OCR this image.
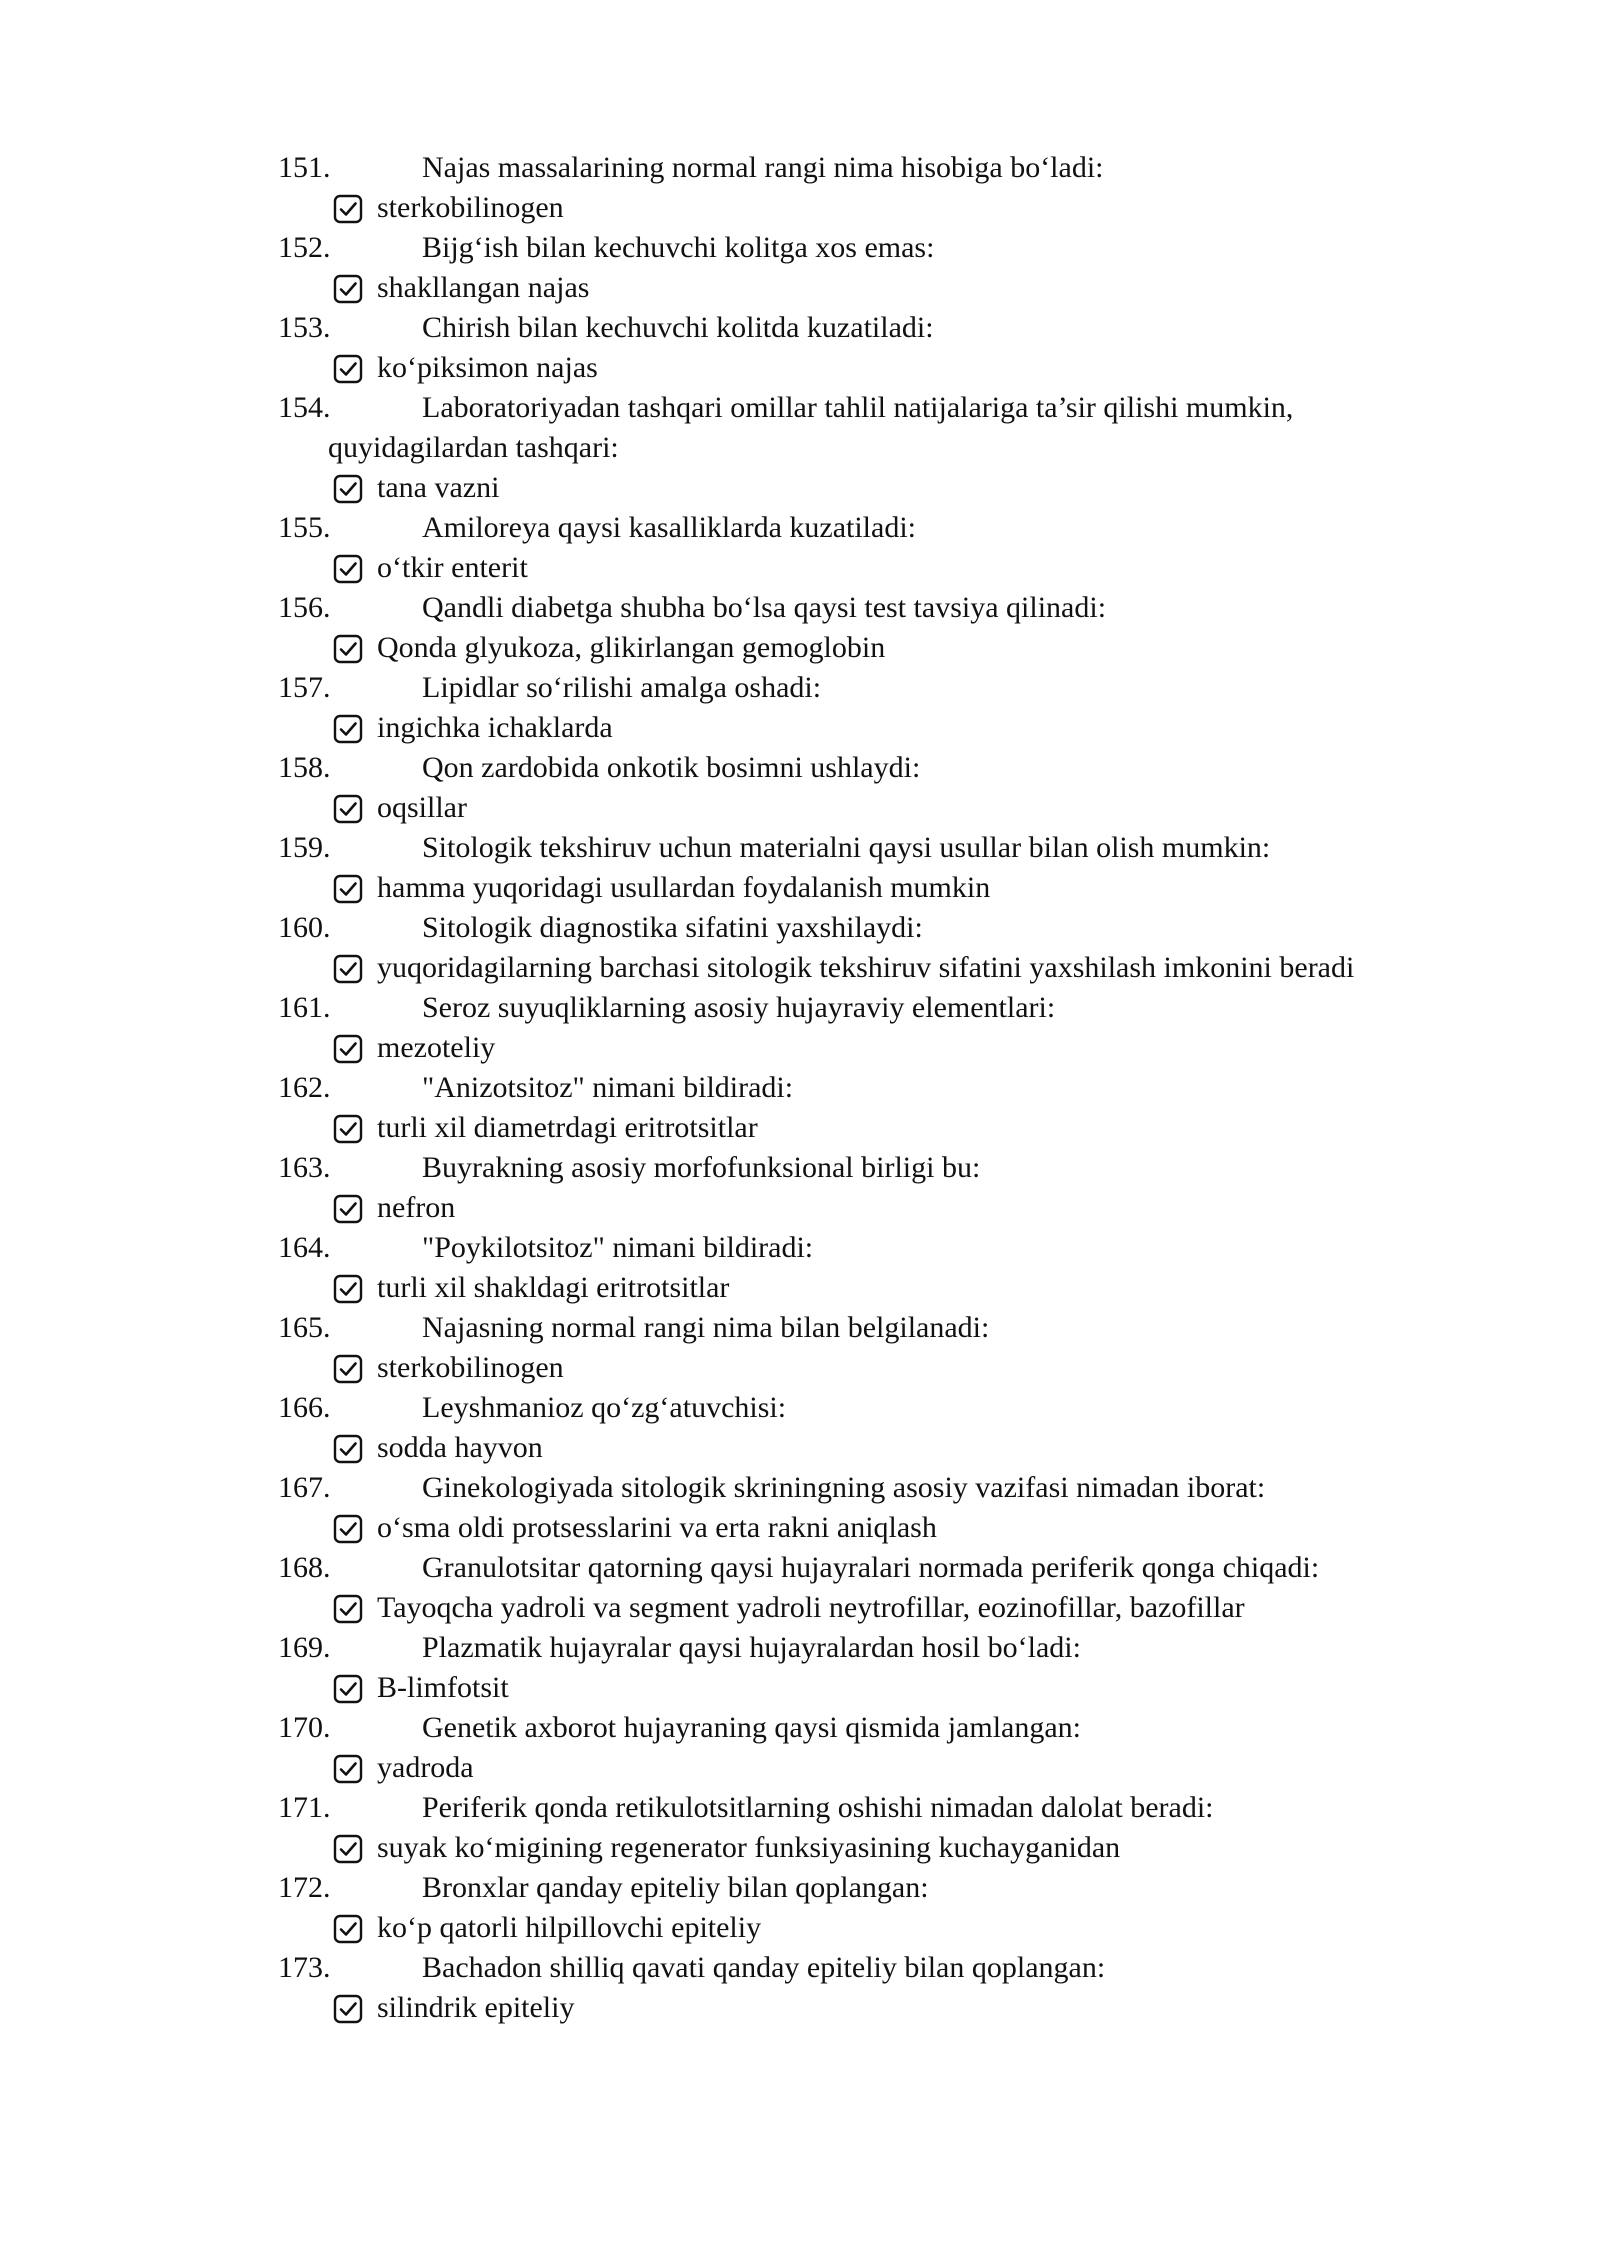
151.	Najas massalarining normal rangi nima hisobiga bo‘ladi:
sterkobilinogen
152.	Bijg‘ish bilan kechuvchi kolitga xos emas:
shakllangan najas
153.	Chirish bilan kechuvchi kolitda kuzatiladi:
ko‘piksimon najas
154.	Laboratoriyadan tashqari omillar tahlil natijalariga ta’sir qilishi mumkin, quyidagilardan tashqari:
tana vazni
155.	Amiloreya qaysi kasalliklarda kuzatiladi:
o‘tkir enterit
156.	Qandli diabetga shubha bo‘lsa qaysi test tavsiya qilinadi:
Qonda glyukoza, glikirlangan gemoglobin
157.	Lipidlar so‘rilishi amalga oshadi:
ingichka ichaklarda
158.	Qon zardobida onkotik bosimni ushlaydi:
oqsillar
159.	Sitologik tekshiruv uchun materialni qaysi usullar bilan olish mumkin:
hamma yuqoridagi usullardan foydalanish mumkin
160.	Sitologik diagnostika sifatini yaxshilaydi:
yuqoridagilarning barchasi sitologik tekshiruv sifatini yaxshilash imkonini beradi
161.	Seroz suyuqliklarning asosiy hujayraviy elementlari:
mezoteliy
162.	"Anizotsitoz" nimani bildiradi:
turli xil diametrdagi eritrotsitlar
163.	Buyrakning asosiy morfofunksional birligi bu:
nefron
164.	"Poykilotsitoz" nimani bildiradi:
turli xil shakldagi eritrotsitlar
165.	Najasning normal rangi nima bilan belgilanadi:
sterkobilinogen
166.	Leyshmanioz qo‘zg‘atuvchisi:
sodda hayvon
167.	Ginekologiyada sitologik skriningning asosiy vazifasi nimadan iborat:
o‘sma oldi protsesslarini va erta rakni aniqlash
168.	Granulotsitar qatorning qaysi hujayralari normada periferik qonga chiqadi:
Tayoqcha yadroli va segment yadroli neytrofillar, eozinofillar, bazofillar
169.	Plazmatik hujayralar qaysi hujayralardan hosil bo‘ladi:
B-limfotsit
170.	Genetik axborot hujayraning qaysi qismida jamlangan:
yadroda
171.	Periferik qonda retikulotsitlarning oshishi nimadan dalolat beradi:
suyak ko‘migining regenerator funksiyasining kuchayganidan
172.	Bronxlar qanday epiteliy bilan qoplangan:
ko‘p qatorli hilpillovchi epiteliy
173.	Bachadon shilliq qavati qanday epiteliy bilan qoplangan:
silindrik epiteliy
